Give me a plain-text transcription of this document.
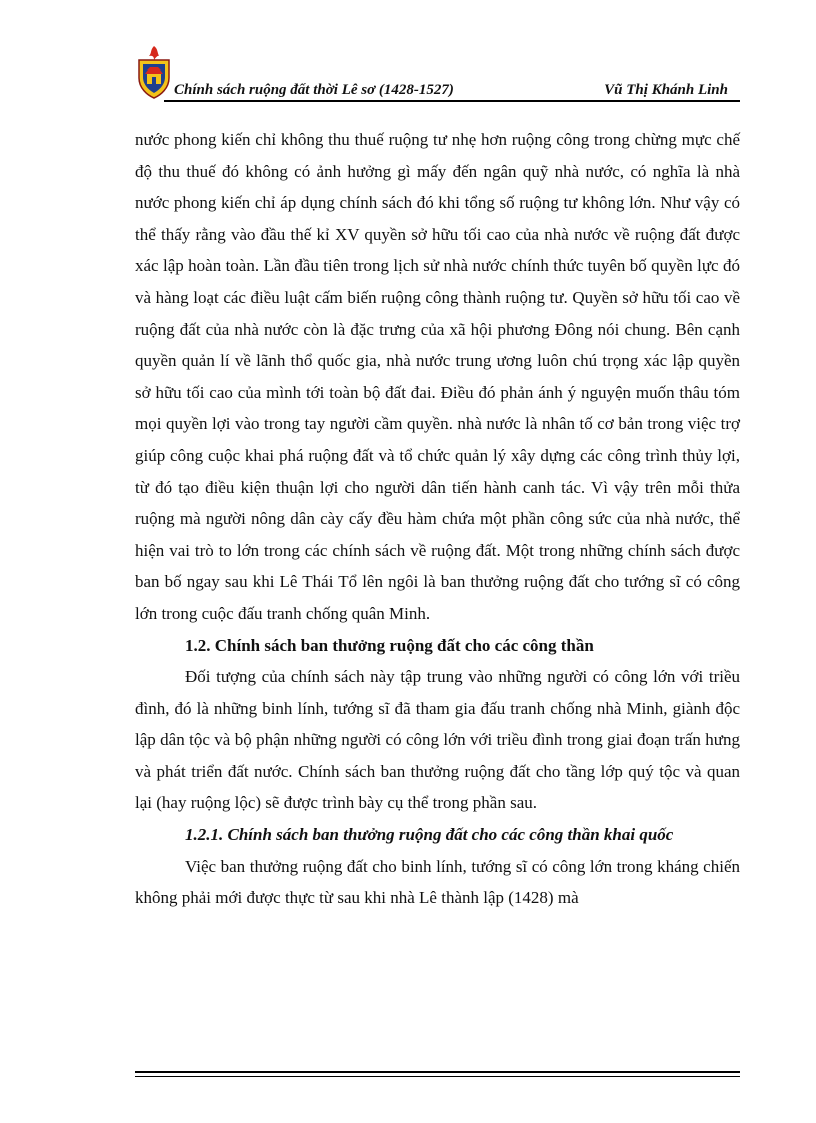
Chính sách ruộng đất thời Lê sơ (1428-1527)	Vũ Thị Khánh Linh

nước phong kiến chỉ không thu thuế ruộng tư nhẹ hơn ruộng công trong chừng mực chế độ thu thuế đó không có ảnh hưởng gì mấy đến ngân quỹ nhà nước, có nghĩa là nhà nước phong kiến chỉ áp dụng chính sách đó khi tổng số ruộng tư không lớn. Như vậy có thể thấy rằng vào đầu thế kỉ XV quyền sở hữu tối cao của nhà nước về ruộng đất được xác lập hoàn toàn. Lần đầu tiên trong lịch sử nhà nước chính thức tuyên bố quyền lực đó và hàng loạt các điều luật cấm biến ruộng công thành ruộng tư. Quyền sở hữu tối cao về ruộng đất của nhà nước còn là đặc trưng của xã hội phương Đông nói chung. Bên cạnh quyền quản lí về lãnh thổ quốc gia, nhà nước trung ương luôn chú trọng xác lập quyền sở hữu tối cao của mình tới toàn bộ đất đai. Điều đó phản ánh ý nguyện muốn thâu tóm mọi quyền lợi vào trong tay người cầm quyền. nhà nước là nhân tố cơ bản trong việc trợ giúp công cuộc khai phá ruộng đất và tổ chức quản lý xây dựng các công trình thủy lợi, từ đó tạo điều kiện thuận lợi cho người dân tiến hành canh tác. Vì vậy trên mỗi thửa ruộng mà người nông dân cày cấy đều hàm chứa một phần công sức của nhà nước, thể hiện vai trò to lớn trong các chính sách về ruộng đất. Một trong những chính sách được ban bố ngay sau khi Lê Thái Tổ lên ngôi là ban thưởng ruộng đất cho tướng sĩ có công lớn trong cuộc đấu tranh chống quân Minh.

1.2. Chính sách ban thưởng ruộng đất cho các công thần

Đối tượng của chính sách này tập trung vào những người có công lớn với triều đình, đó là những binh lính, tướng sĩ đã tham gia đấu tranh chống nhà Minh, giành độc lập dân tộc và bộ phận những người có công lớn với triều đình trong giai đoạn trấn hưng và phát triển đất nước. Chính sách ban thưởng ruộng đất cho tầng lớp quý tộc và quan lại (hay ruộng lộc) sẽ được trình bày cụ thể trong phần sau.

1.2.1. Chính sách ban thưởng ruộng đất cho các công thần khai quốc

Việc ban thưởng ruộng đất cho binh lính, tướng sĩ có công lớn trong kháng chiến không phải mới được thực từ sau khi nhà Lê thành lập (1428) mà
